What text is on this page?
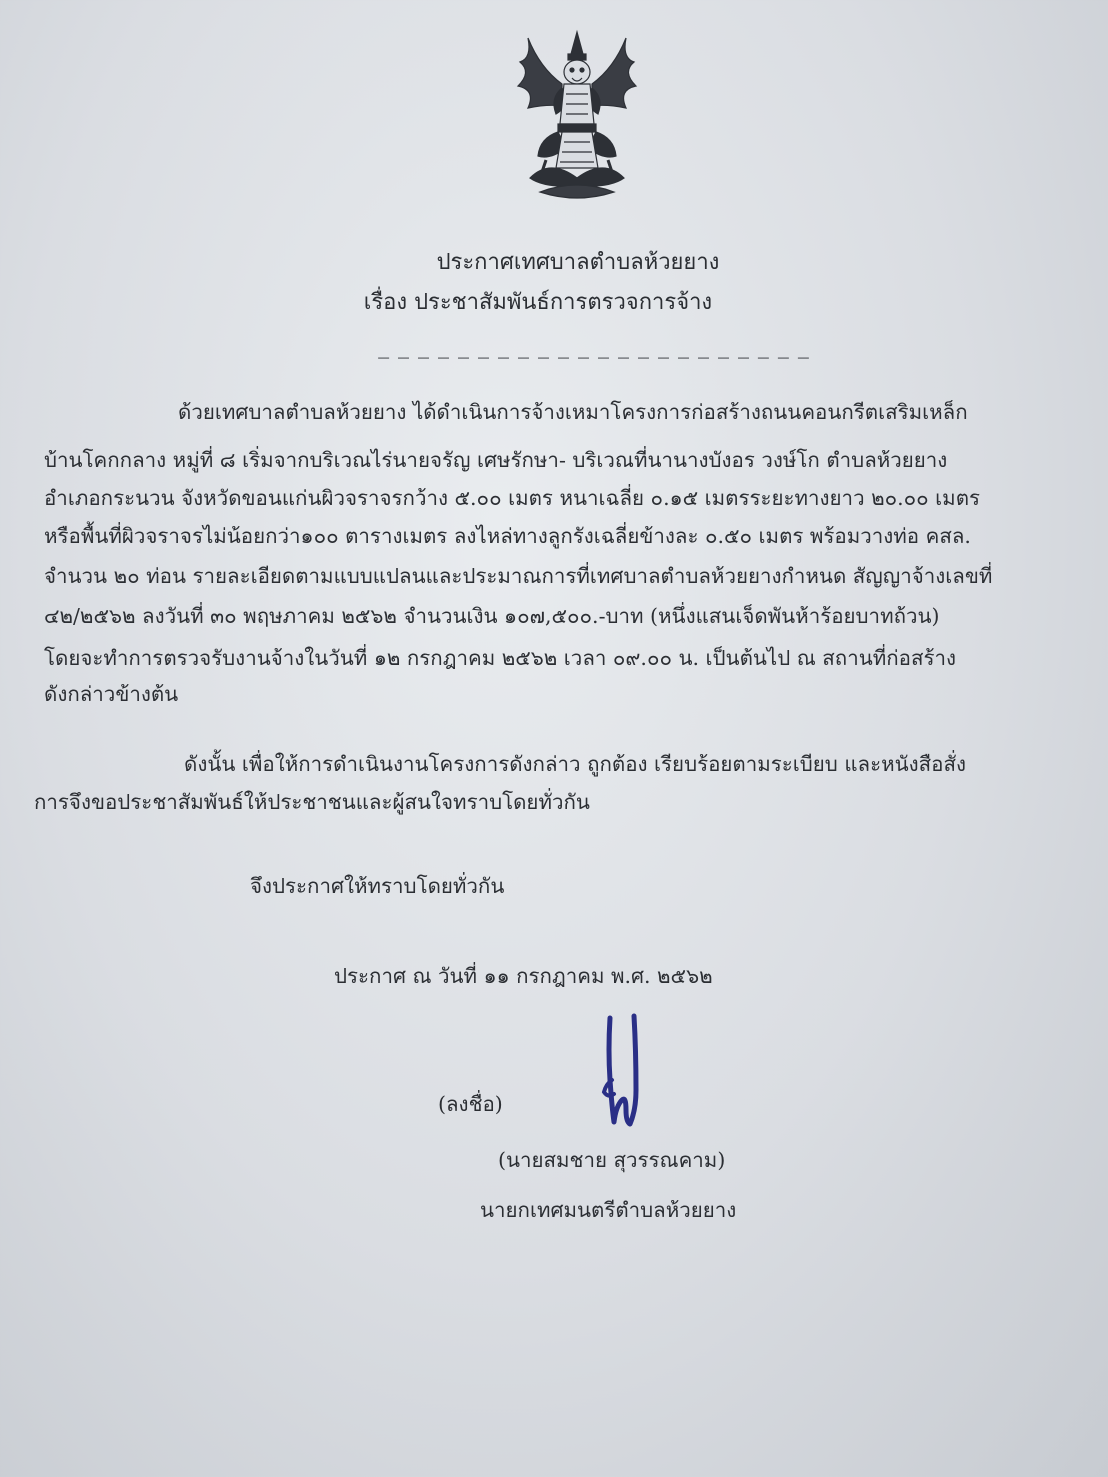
ประกาศเทศบาลตำบลห้วยยาง
เรื่อง ประชาสัมพันธ์การตรวจการจ้าง
_ _ _ _ _ _ _ _ _ _ _ _ _ _ _ _ _ _ _ _ _ _
ด้วยเทศบาลตำบลห้วยยาง ได้ดำเนินการจ้างเหมาโครงการก่อสร้างถนนคอนกรีตเสริมเหล็ก
บ้านโคกกลาง หมู่ที่ ๘ เริ่มจากบริเวณไร่นายจรัญ เศษรักษา- บริเวณที่นานางบังอร วงษ์โก ตำบลห้วยยาง
อำเภอกระนวน จังหวัดขอนแก่นผิวจราจรกว้าง ๕.๐๐ เมตร หนาเฉลี่ย ๐.๑๕ เมตรระยะทางยาว ๒๐.๐๐ เมตร
หรือพื้นที่ผิวจราจรไม่น้อยกว่า๑๐๐ ตารางเมตร ลงไหล่ทางลูกรังเฉลี่ยข้างละ ๐.๕๐ เมตร พร้อมวางท่อ คสล.
จำนวน ๒๐ ท่อน รายละเอียดตามแบบแปลนและประมาณการที่เทศบาลตำบลห้วยยางกำหนด สัญญาจ้างเลขที่
๔๒/๒๕๖๒ ลงวันที่ ๓๐ พฤษภาคม ๒๕๖๒ จำนวนเงิน ๑๐๗,๕๐๐.-บาท (หนึ่งแสนเจ็ดพันห้าร้อยบาทถ้วน)
โดยจะทำการตรวจรับงานจ้างในวันที่ ๑๒ กรกฎาคม ๒๕๖๒ เวลา ๐๙.๐๐ น. เป็นต้นไป ณ สถานที่ก่อสร้าง
ดังกล่าวข้างต้น
ดังนั้น เพื่อให้การดำเนินงานโครงการดังกล่าว ถูกต้อง เรียบร้อยตามระเบียบ และหนังสือสั่ง
การจึงขอประชาสัมพันธ์ให้ประชาชนและผู้สนใจทราบโดยทั่วกัน
จึงประกาศให้ทราบโดยทั่วกัน
ประกาศ ณ วันที่ ๑๑ กรกฎาคม พ.ศ. ๒๕๖๒
(ลงชื่อ)
(นายสมชาย สุวรรณคาม)
นายกเทศมนตรีตำบลห้วยยาง
